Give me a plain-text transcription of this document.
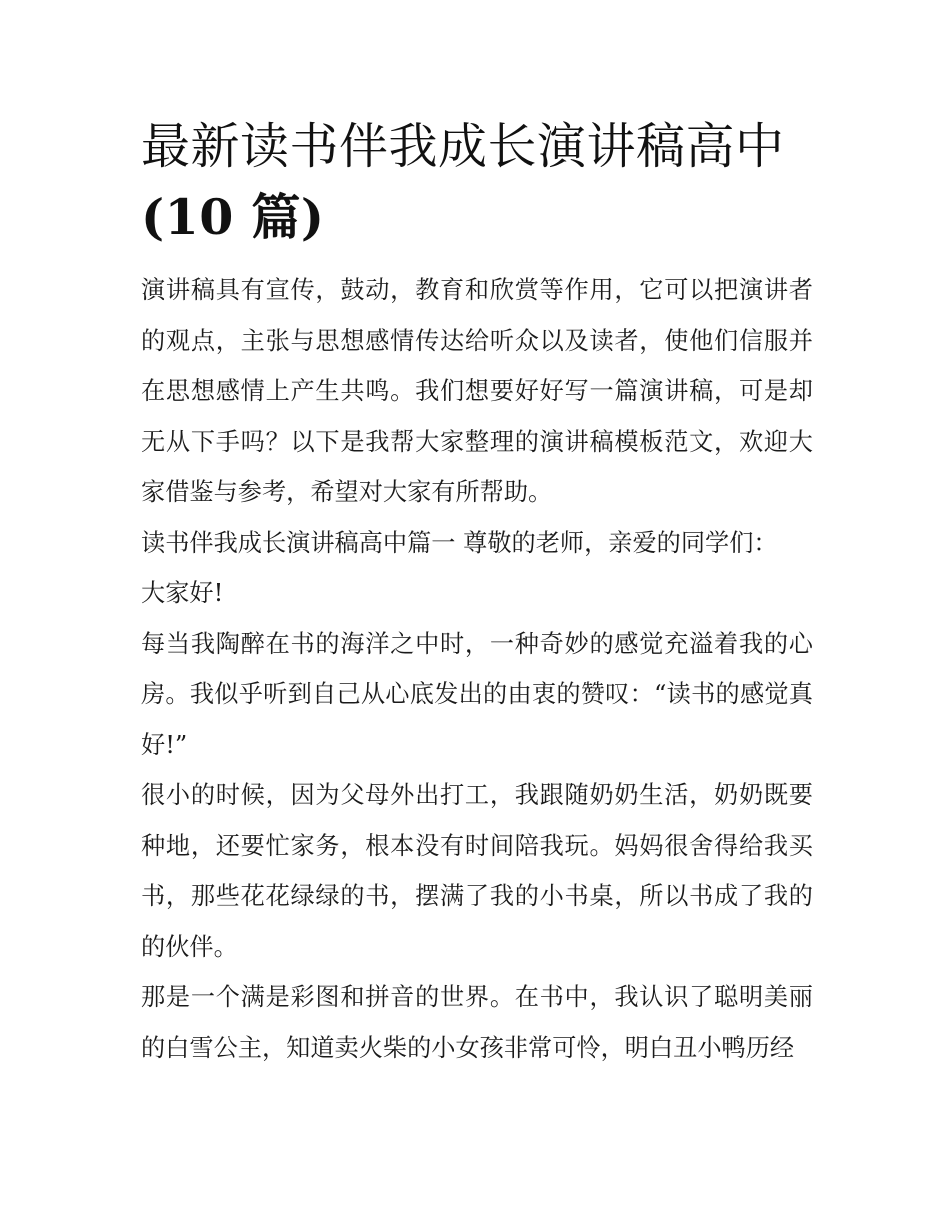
最新读书伴我成长演讲稿高中
(10 篇)

演讲稿具有宣传，鼓动，教育和欣赏等作用，它可以把演讲者的观点，主张与思想感情传达给听众以及读者，使他们信服并在思想感情上产生共鸣。我们想要好好写一篇演讲稿，可是却无从下手吗？以下是我帮大家整理的演讲稿模板范文，欢迎大家借鉴与参考，希望对大家有所帮助。

读书伴我成长演讲稿高中篇一 尊敬的老师，亲爱的同学们：

大家好!

每当我陶醉在书的海洋之中时，一种奇妙的感觉充溢着我的心房。我似乎听到自己从心底发出的由衷的赞叹：“读书的感觉真好!”

很小的时候，因为父母外出打工，我跟随奶奶生活，奶奶既要种地，还要忙家务，根本没有时间陪我玩。妈妈很舍得给我买书，那些花花绿绿的书，摆满了我的小书桌，所以书成了我的的伙伴。

那是一个满是彩图和拼音的世界。在书中，我认识了聪明美丽的白雪公主，知道卖火柴的小女孩非常可怜，明白丑小鸭历经
